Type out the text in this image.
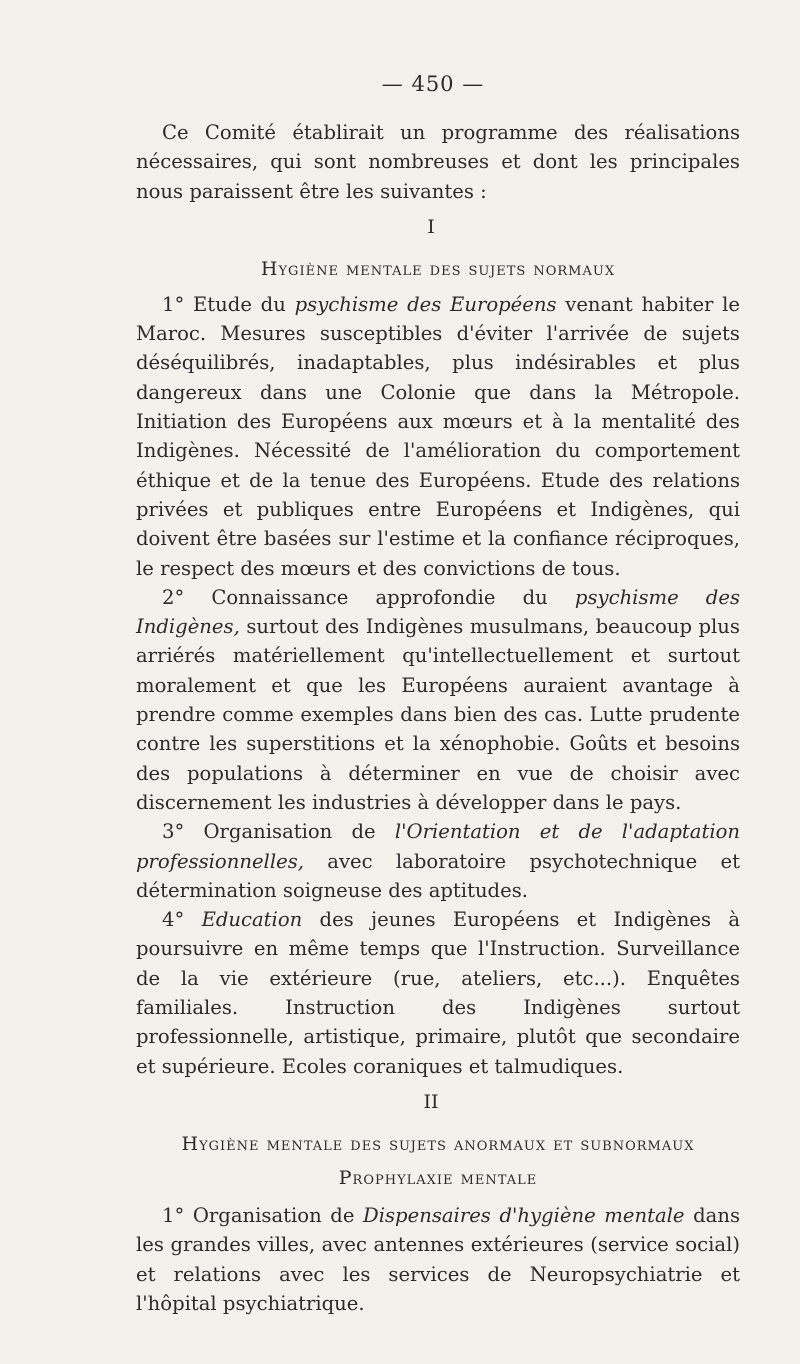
— 450 —

Ce Comité établirait un programme des réalisations nécessaires, qui sont nombreuses et dont les principales nous paraissent être les suivantes :

I
Hygiène mentale des sujets normaux

1° Etude du psychisme des Européens venant habiter le Maroc. Mesures susceptibles d'éviter l'arrivée de sujets déséquilibrés, inadaptables, plus indésirables et plus dangereux dans une Colonie que dans la Métropole. Initiation des Européens aux mœurs et à la mentalité des Indigènes. Nécessité de l'amélioration du comportement éthique et de la tenue des Européens. Etude des relations privées et publiques entre Européens et Indigènes, qui doivent être basées sur l'estime et la confiance réciproques, le respect des mœurs et des convictions de tous.

2° Connaissance approfondie du psychisme des Indigènes, surtout des Indigènes musulmans, beaucoup plus arriérés matériellement qu'intellectuellement et surtout moralement et que les Européens auraient avantage à prendre comme exemples dans bien des cas. Lutte prudente contre les superstitions et la xénophobie. Goûts et besoins des populations à déterminer en vue de choisir avec discernement les industries à développer dans le pays.

3° Organisation de l'Orientation et de l'adaptation professionnelles, avec laboratoire psychotechnique et détermination soigneuse des aptitudes.

4° Education des jeunes Européens et Indigènes à poursuivre en même temps que l'Instruction. Surveillance de la vie extérieure (rue, ateliers, etc...). Enquêtes familiales. Instruction des Indigènes surtout professionnelle, artistique, primaire, plutôt que secondaire et supérieure. Ecoles coraniques et talmudiques.

II
Hygiène mentale des sujets anormaux et subnormaux
Prophylaxie mentale

1° Organisation de Dispensaires d'hygiène mentale dans les grandes villes, avec antennes extérieures (service social) et relations avec les services de Neuropsychiatrie et l'hôpital psychiatrique.
